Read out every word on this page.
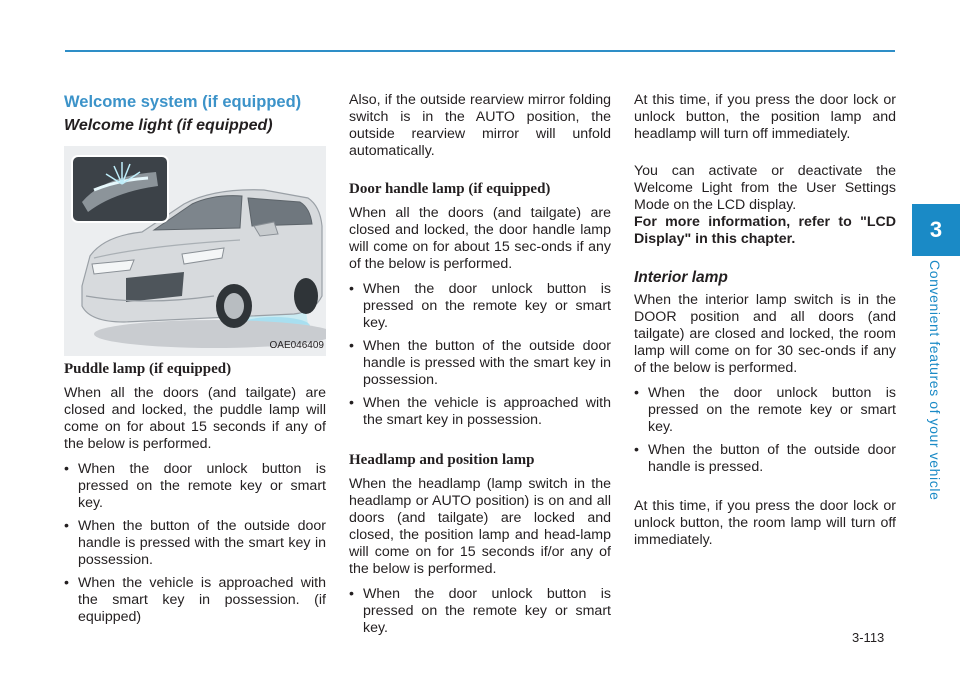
3
Convenient features of your vehicle
Welcome system (if equipped)
Welcome light (if equipped)
OAE046409
Puddle lamp (if equipped)

When all the doors (and tailgate) are closed and locked, the puddle lamp will come on for about 15 seconds if any of the below is performed.

• When the door unlock button is pressed on the remote key or smart key.
• When the button of the outside door handle is pressed with the smart key in possession.
• When the vehicle is approached with the smart key in possession. (if equipped)

Also, if the outside rearview mirror folding switch is in the AUTO position, the outside rearview mirror will unfold automatically.

Door handle lamp (if equipped)

When all the doors (and tailgate) are closed and locked, the door handle lamp will come on for about 15 sec-onds if any of the below is performed.

• When the door unlock button is pressed on the remote key or smart key.
• When the button of the outside door handle is pressed with the smart key in possession.
• When the vehicle is approached with the smart key in possession.
Headlamp and position lamp

When the headlamp (lamp switch in the headlamp or AUTO position) is on and all doors (and tailgate) are locked and closed, the position lamp and head-lamp will come on for 15 seconds if/or any of the below is performed.

• When the door unlock button is pressed on the remote key or smart key.

At this time, if you press the door lock or unlock button, the position lamp and headlamp will turn off immediately.

You can activate or deactivate the Welcome Light from the User Settings Mode on the LCD display.

For more information, refer to "LCD Display" in this chapter.

Interior lamp

When the interior lamp switch is in the DOOR position and all doors (and tailgate) are closed and locked, the room lamp will come on for 30 sec-onds if any of the below is performed.

• When the door unlock button is pressed on the remote key or smart key.
• When the button of the outside door handle is pressed.

At this time, if you press the door lock or unlock button, the room lamp will turn off immediately.

3-113
